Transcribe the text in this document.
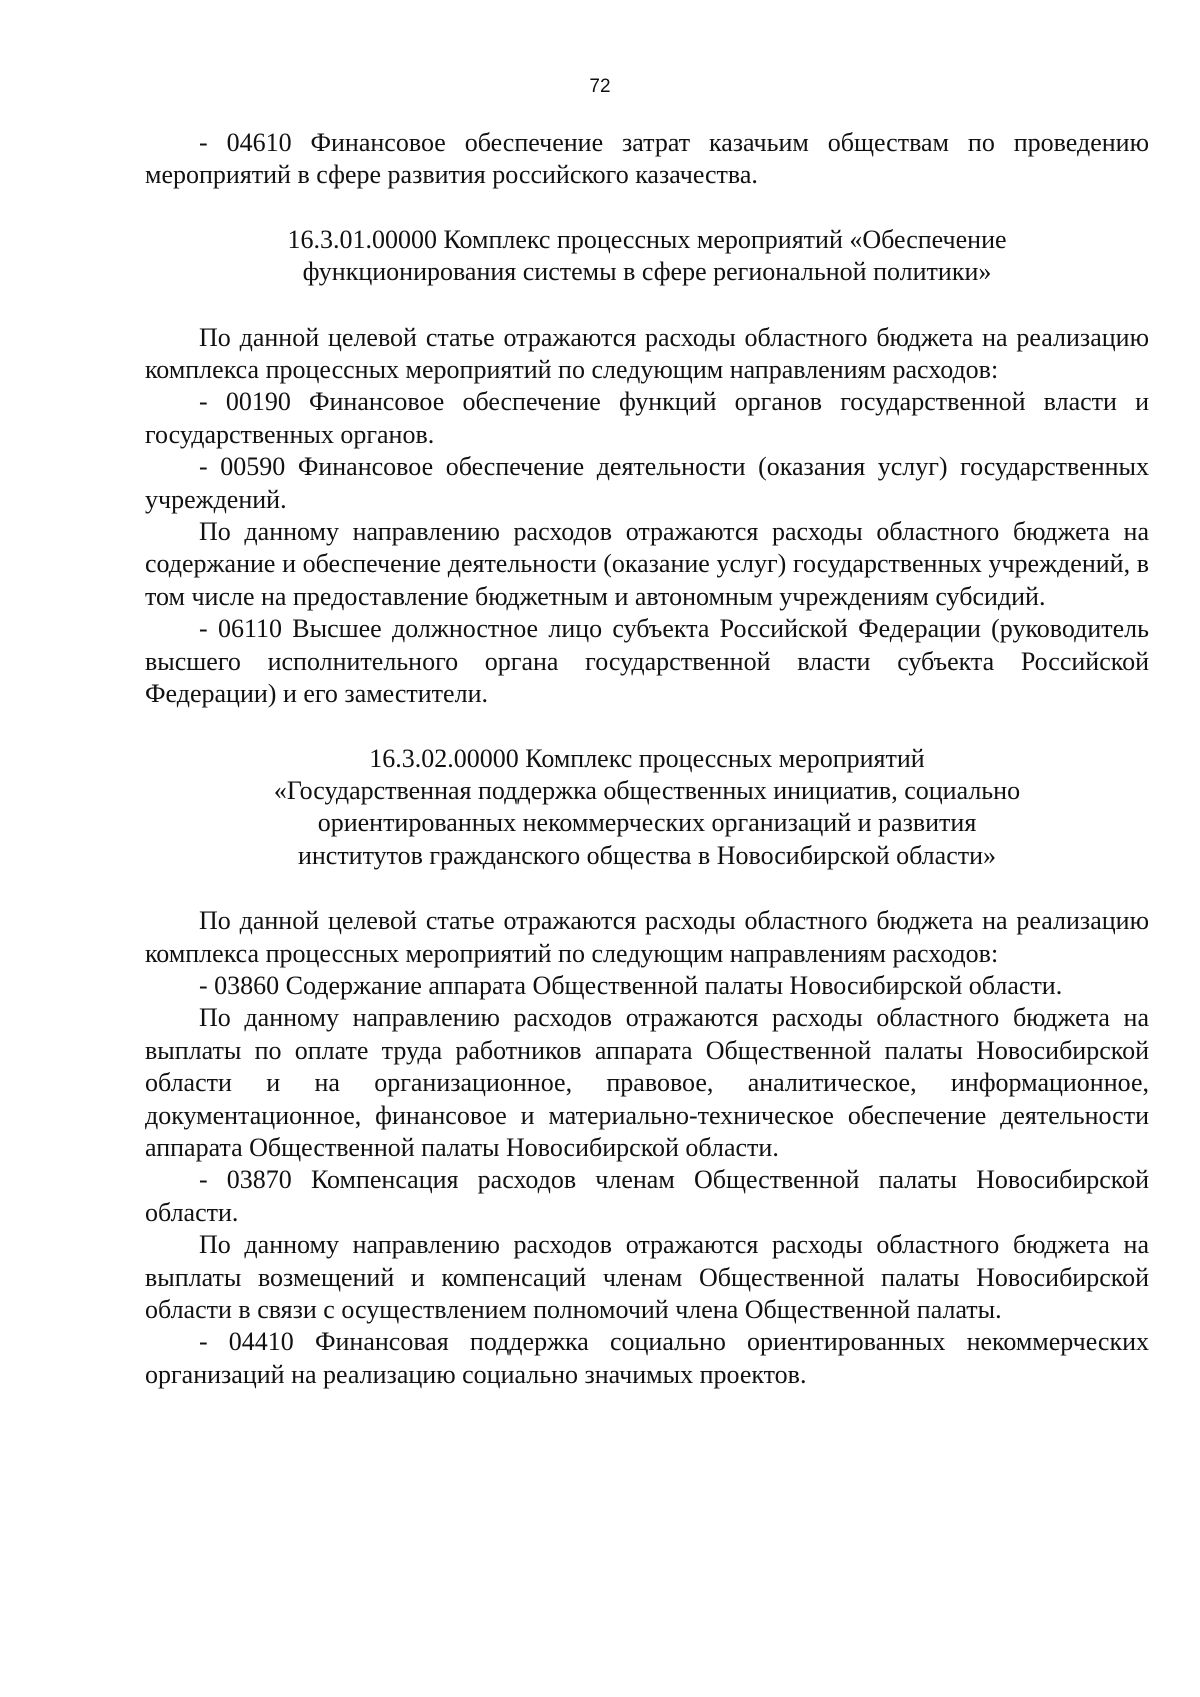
72

- 04610 Финансовое обеспечение затрат казачьим обществам по проведению мероприятий в сфере развития российского казачества.

16.3.01.00000 Комплекс процессных мероприятий «Обеспечение
функционирования системы в сфере региональной политики»

По данной целевой статье отражаются расходы областного бюджета на реализацию комплекса процессных мероприятий по следующим направлениям расходов:

- 00190 Финансовое обеспечение функций органов государственной власти и государственных органов.

- 00590 Финансовое обеспечение деятельности (оказания услуг) государственных учреждений.

По данному направлению расходов отражаются расходы областного бюджета на содержание и обеспечение деятельности (оказание услуг) государственных учреждений, в том числе на предоставление бюджетным и автономным учреждениям субсидий.

- 06110 Высшее должностное лицо субъекта Российской Федерации (руководитель высшего исполнительного органа государственной власти субъекта Российской Федерации) и его заместители.

16.3.02.00000 Комплекс процессных мероприятий
«Государственная поддержка общественных инициатив, социально
ориентированных некоммерческих организаций и развития
институтов гражданского общества в Новосибирской области»

По данной целевой статье отражаются расходы областного бюджета на реализацию комплекса процессных мероприятий по следующим направлениям расходов:

- 03860 Содержание аппарата Общественной палаты Новосибирской области.

По данному направлению расходов отражаются расходы областного бюджета на выплаты по оплате труда работников аппарата Общественной палаты Новосибирской области и на организационное, правовое, аналитическое, информационное, документационное, финансовое и материально-техническое обеспечение деятельности аппарата Общественной палаты Новосибирской области.

- 03870 Компенсация расходов членам Общественной палаты Новосибирской области.

По данному направлению расходов отражаются расходы областного бюджета на выплаты возмещений и компенсаций членам Общественной палаты Новосибирской области в связи с осуществлением полномочий члена Общественной палаты.

- 04410 Финансовая поддержка социально ориентированных некоммерческих организаций на реализацию социально значимых проектов.
